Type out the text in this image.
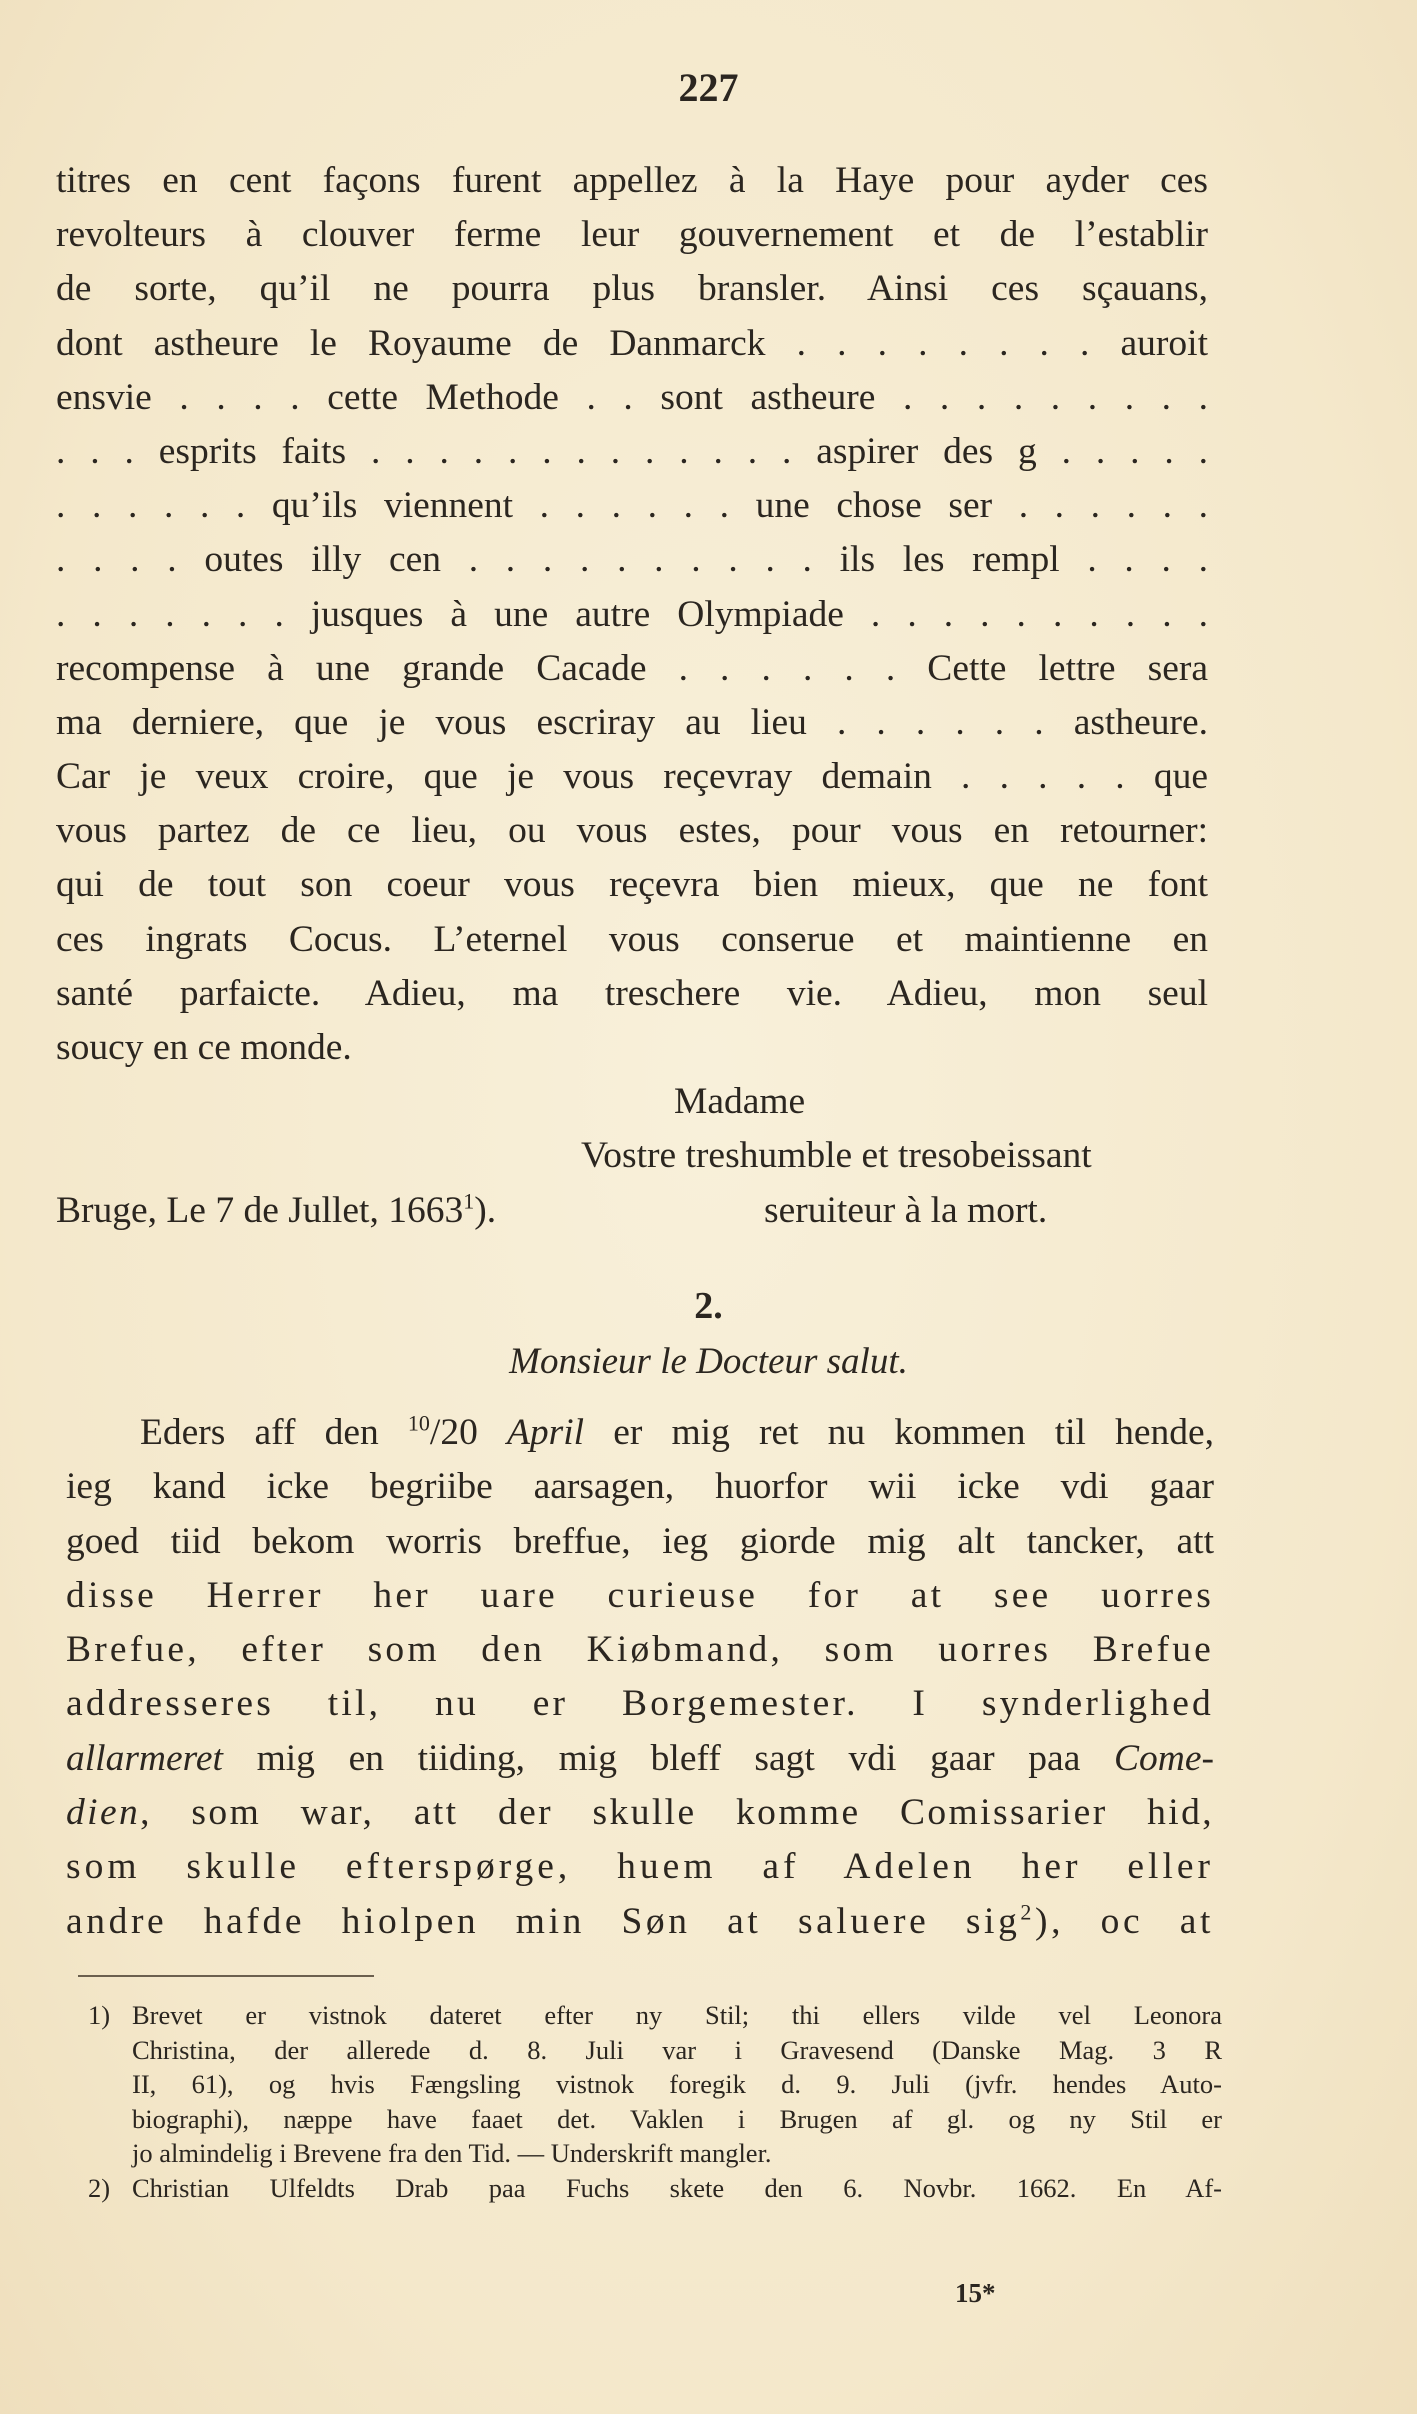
227
titres en cent façons furent appellez à la Haye pour ayder ces
revolteurs à clouver ferme leur gouvernement et de l’establir
de sorte, qu’il ne pourra plus bransler. Ainsi ces sçauans,
dont astheure le Royaume de Danmarck . . . . . . . . auroit
ensvie . . . . cette Methode . . sont astheure . . . . . . . . .
. . . esprits faits . . . . . . . . . . . . . aspirer des g . . . . .
. . . . . . qu’ils viennent . . . . . . une chose ser . . . . . .
. . . . outes illy cen . . . . . . . . . . ils les rempl . . . .
. . . . . . . jusques à une autre Olympiade . . . . . . . . . .
recompense à une grande Cacade . . . . . . Cette lettre sera
ma derniere, que je vous escriray au lieu . . . . . . astheure.
Car je veux croire, que je vous reçevray demain . . . . . que
vous partez de ce lieu, ou vous estes, pour vous en retourner:
qui de tout son coeur vous reçevra bien mieux, que ne font
ces ingrats Cocus. L’eternel vous conserue et maintienne en
santé parfaicte. Adieu, ma treschere vie. Adieu, mon seul
soucy en ce monde.
Madame
Vostre treshumble et tresobeissant
Bruge, Le 7 de Jullet, 1663$^1$).	seruiteur à la mort.
2.
Monsieur le Docteur salut.
Eders aff den $^{10}$/20 April er mig ret nu kommen til hende,
ieg kand icke begriibe aarsagen, huorfor wii icke vdi gaar
goed tiid bekom worris breffue, ieg giorde mig alt tancker, att
disse Herrer her uare curieuse for at see uorres
Brefue, efter som den Kiøbmand, som uorres Brefue
addresseres til, nu er Borgemester. I synderlighed
allarmeret mig en tiiding, mig bleff sagt vdi gaar paa Come-
dien, som war, att der skulle komme Comissarier hid,
som skulle efterspørge, huem af Adelen her eller
andre hafde hiolpen min Søn at saluere sig$^2$), oc at
1) Brevet er vistnok dateret efter ny Stil; thi ellers vilde vel Leonora
Christina, der allerede d. 8. Juli var i Gravesend (Danske Mag. 3 R
II, 61), og hvis Fængsling vistnok foregik d. 9. Juli (jvfr. hendes Auto-
biographi), næppe have faaet det. Vaklen i Brugen af gl. og ny Stil er
jo almindelig i Brevene fra den Tid. — Underskrift mangler.
2) Christian Ulfeldts Drab paa Fuchs skete den 6. Novbr. 1662. En Af-
15*
